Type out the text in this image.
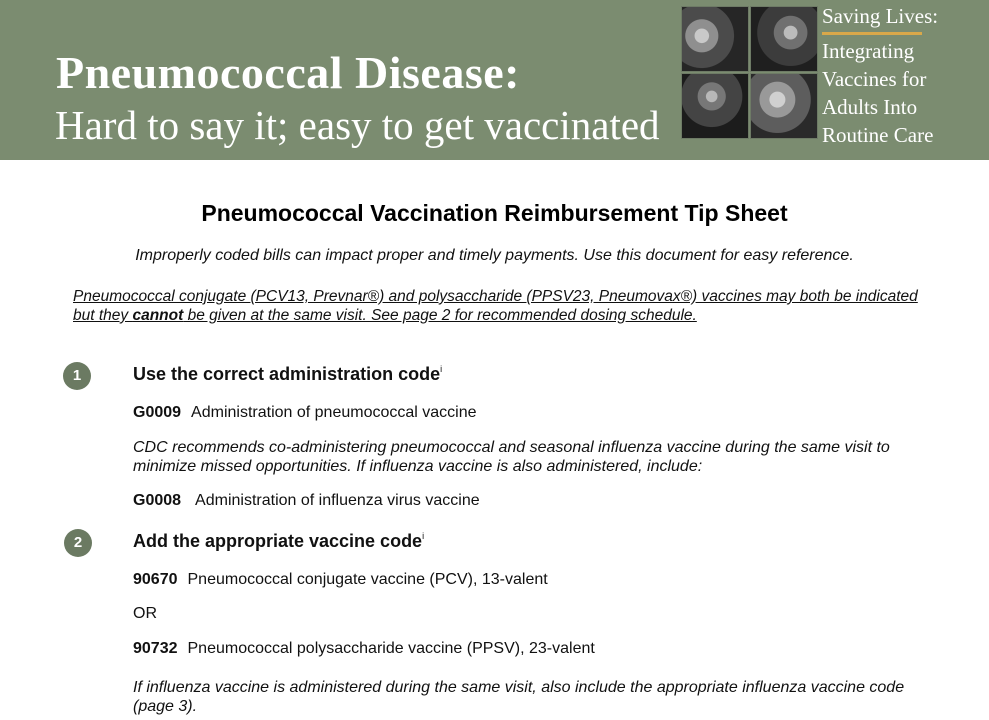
Pneumococcal Disease:
Hard to say it; easy to get vaccinated
Saving Lives:
Integrating
Vaccines for
Adults Into
Routine Care
Pneumococcal Vaccination Reimbursement Tip Sheet
Improperly coded bills can impact proper and timely payments. Use this document for easy reference.
Pneumococcal conjugate (PCV13, Prevnar®) and polysaccharide (PPSV23, Pneumovax®) vaccines may both be indicated but they cannot be given at the same visit. See page 2 for recommended dosing schedule.
1	Use the correct administration code$^i$
G0009 Administration of pneumococcal vaccine
CDC recommends co-administering pneumococcal and seasonal influenza vaccine during the same visit to minimize missed opportunities. If influenza vaccine is also administered, include:
G0008 Administration of influenza virus vaccine
2	Add the appropriate vaccine code$^i$
90670 Pneumococcal conjugate vaccine (PCV), 13-valent
OR
90732 Pneumococcal polysaccharide vaccine (PPSV), 23-valent
If influenza vaccine is administered during the same visit, also include the appropriate influenza vaccine code (page 3).
